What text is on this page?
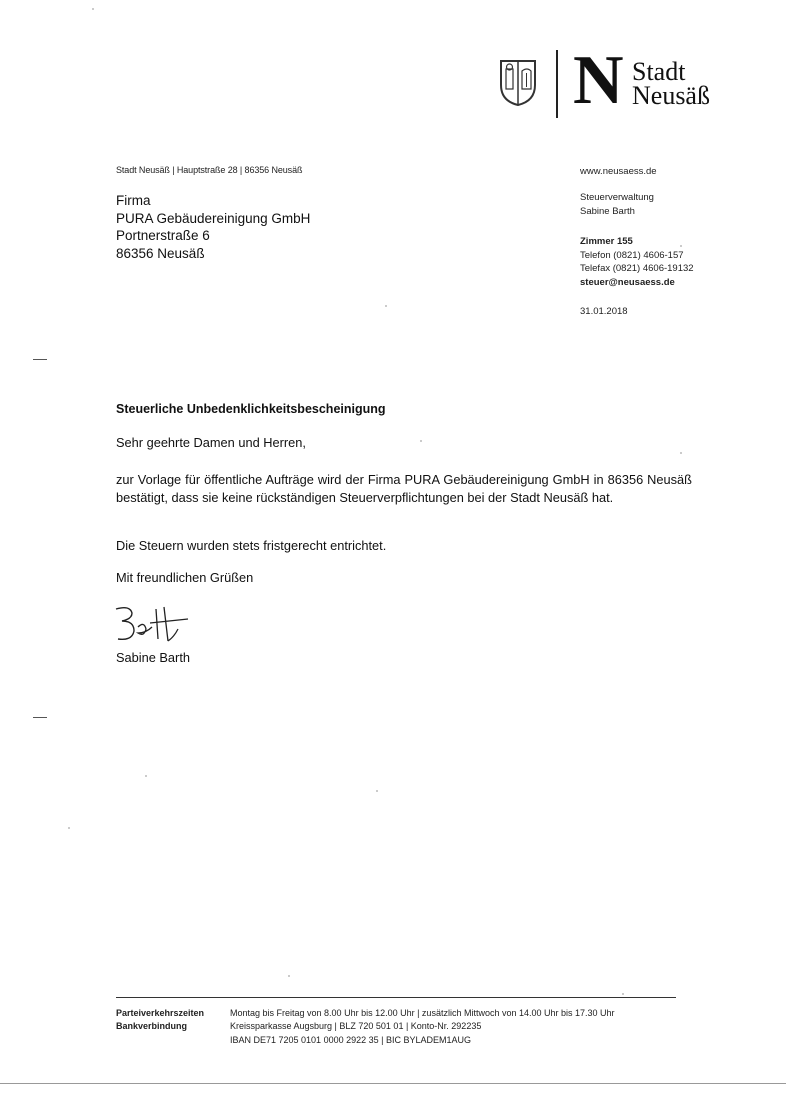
N Stadt
Neusäß
Stadt Neusäß | Hauptstraße 28 | 86356 Neusäß
Firma
PURA Gebäudereinigung GmbH
Portnerstraße 6
86356 Neusäß
www.neusaess.de
Steuerverwaltung
Sabine Barth
Zimmer 155
Telefon (0821) 4606-157
Telefax (0821) 4606-19132
steuer@neusaess.de
31.01.2018
Steuerliche Unbedenklichkeitsbescheinigung
Sehr geehrte Damen und Herren,
zur Vorlage für öffentliche Aufträge wird der Firma PURA Gebäudereinigung GmbH in 86356 Neusäß bestätigt, dass sie keine rückständigen Steuerverpflichtungen bei der Stadt Neusäß hat.
Die Steuern wurden stets fristgerecht entrichtet.
Mit freundlichen Grüßen
Sabine Barth
Parteiverkehrszeiten	Montag bis Freitag von 8.00 Uhr bis 12.00 Uhr | zusätzlich Mittwoch von 14.00 Uhr bis 17.30 Uhr
Bankverbindung	Kreissparkasse Augsburg | BLZ 720 501 01 | Konto-Nr. 292235
IBAN DE71 7205 0101 0000 2922 35 | BIC BYLADEM1AUG
